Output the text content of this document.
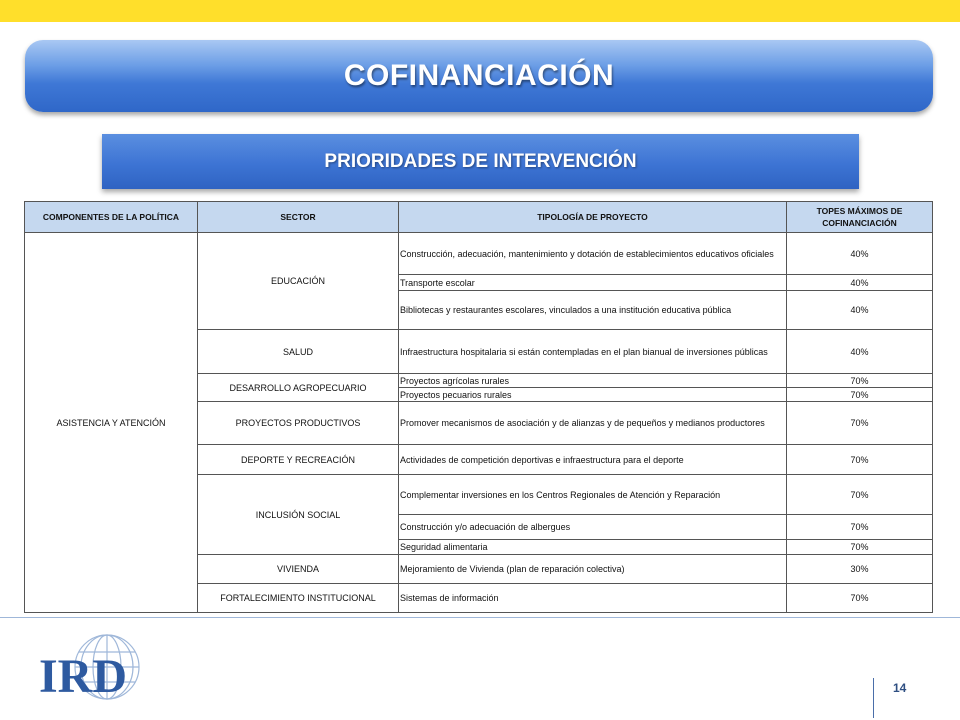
COFINANCIACIÓN
PRIORIDADES DE INTERVENCIÓN
COMPONENTES DE LA POLÍTICA	SECTOR	TIPOLOGÍA DE PROYECTO	TOPES MÁXIMOS DE COFINANCIACIÓN
ASISTENCIA Y ATENCIÓN	EDUCACIÓN	Construcción, adecuación, mantenimiento y dotación de establecimientos educativos oficiales	40%
		Transporte escolar	40%
		Bibliotecas y restaurantes escolares, vinculados a una institución educativa pública	40%
	SALUD	Infraestructura hospitalaria si están contempladas en el plan bianual de inversiones públicas	40%
	DESARROLLO AGROPECUARIO	Proyectos agrícolas rurales	70%
		Proyectos pecuarios rurales	70%
	PROYECTOS PRODUCTIVOS	Promover mecanismos de asociación y de alianzas y de pequeños y medianos productores	70%
	DEPORTE Y RECREACIÓN	Actividades de competición deportivas e infraestructura para el deporte	70%
	INCLUSIÓN SOCIAL	Complementar inversiones en los Centros Regionales de Atención y Reparación	70%
		Construcción y/o adecuación de albergues	70%
		Seguridad alimentaria	70%
	VIVIENDA	Mejoramiento de Vivienda (plan de reparación colectiva)	30%
	FORTALECIMIENTO INSTITUCIONAL	Sistemas de información	70%
IRD	14
